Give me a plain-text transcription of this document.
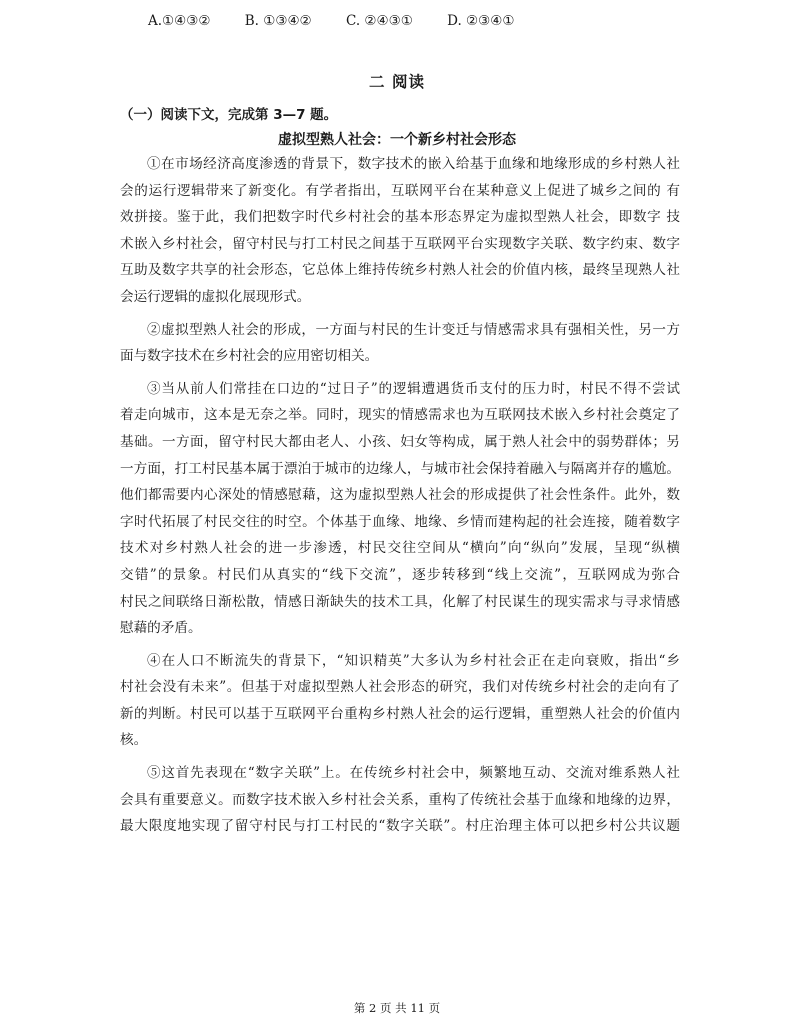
A.①④③②	B. ①③④②	C. ②④③①	D. ②③④①
二 阅读
（一）阅读下文，完成第 3—7 题。
虚拟型熟人社会：一个新乡村社会形态

①在市场经济高度渗透的背景下，数字技术的嵌入给基于血缘和地缘形成的乡村熟人社
会的运行逻辑带来了新变化。有学者指出，互联网平台在某种意义上促进了城乡之间的 有
效拼接。鉴于此，我们把数字时代乡村社会的基本形态界定为虚拟型熟人社会，即数字 技
术嵌入乡村社会，留守村民与打工村民之间基于互联网平台实现数字关联、数字约束、数字
互助及数字共享的社会形态，它总体上维持传统乡村熟人社会的价值内核，最终呈现熟人社
会运行逻辑的虚拟化展现形式。

②虚拟型熟人社会的形成，一方面与村民的生计变迁与情感需求具有强相关性，另一方
面与数字技术在乡村社会的应用密切相关。

③当从前人们常挂在口边的“过日子”的逻辑遭遇货币支付的压力时，村民不得不尝试
着走向城市，这本是无奈之举。同时，现实的情感需求也为互联网技术嵌入乡村社会奠定了
基础。一方面，留守村民大都由老人、小孩、妇女等构成，属于熟人社会中的弱势群体；另
一方面，打工村民基本属于漂泊于城市的边缘人，与城市社会保持着融入与隔离并存的尴尬。
他们都需要内心深处的情感慰藉，这为虚拟型熟人社会的形成提供了社会性条件。此外，数
字时代拓展了村民交往的时空。个体基于血缘、地缘、乡情而建构起的社会连接，随着数字
技术对乡村熟人社会的进一步渗透，村民交往空间从“横向”向“纵向”发展，呈现“纵横
交错”的景象。村民们从真实的“线下交流”，逐步转移到“线上交流”，互联网成为弥合
村民之间联络日渐松散，情感日渐缺失的技术工具，化解了村民谋生的现实需求与寻求情感
慰藉的矛盾。

④在人口不断流失的背景下，“知识精英”大多认为乡村社会正在走向衰败，指出“乡
村社会没有未来”。但基于对虚拟型熟人社会形态的研究，我们对传统乡村社会的走向有了
新的判断。村民可以基于互联网平台重构乡村熟人社会的运行逻辑，重塑熟人社会的价值内
核。

⑤这首先表现在“数字关联”上。在传统乡村社会中，频繁地互动、交流对维系熟人社
会具有重要意义。而数字技术嵌入乡村社会关系，重构了传统社会基于血缘和地缘的边界，
最大限度地实现了留守村民与打工村民的“数字关联”。村庄治理主体可以把乡村公共议题

第 2 页 共 11 页
